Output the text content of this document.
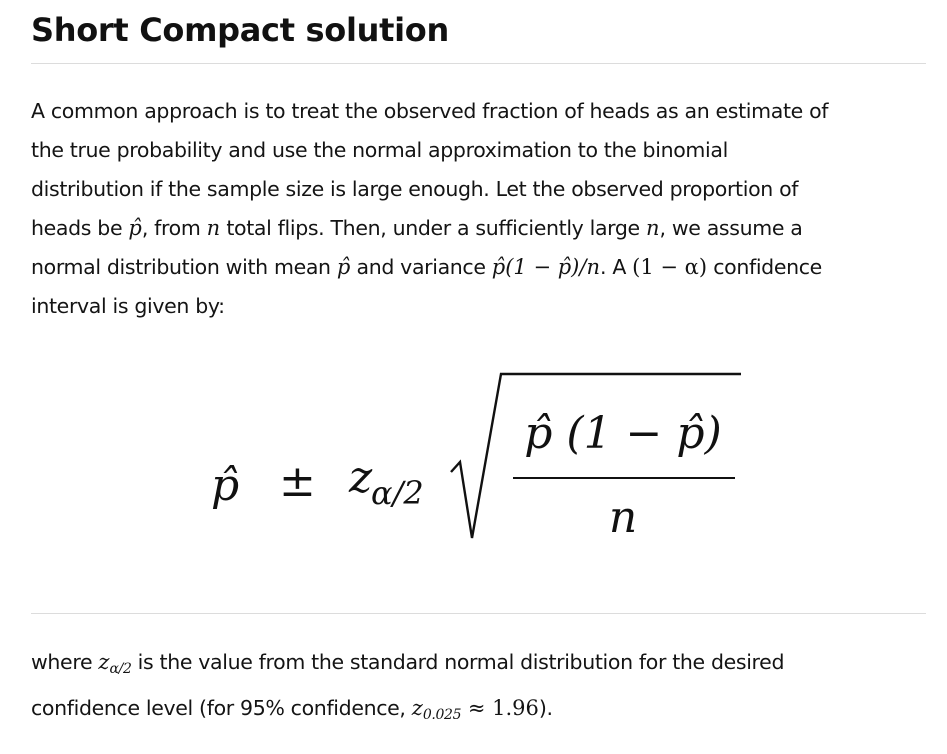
Short Compact solution

A common approach is to treat the observed fraction of heads as an estimate of
the true probability and use the normal approximation to the binomial
distribution if the sample size is large enough. Let the observed proportion of
heads be p̂, from n total flips. Then, under a sufficiently large n, we assume a
normal distribution with mean p̂ and variance p̂(1 − p̂)/n. A (1 − α) confidence
interval is given by:

p̂ ± z
α/2
p̂ (1 − p̂)
n

where zα/2 is the value from the standard normal distribution for the desired
confidence level (for 95% confidence, z0.025 ≈ 1.96).
